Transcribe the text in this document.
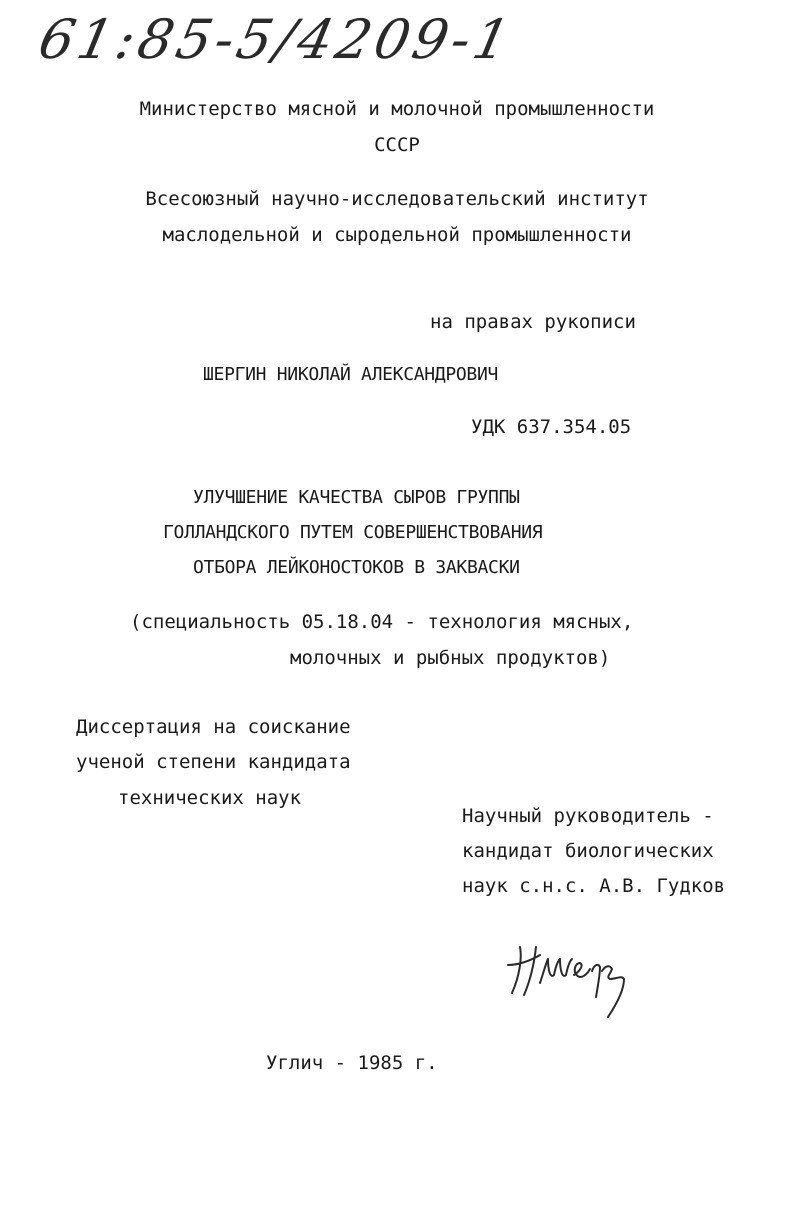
61:85-5/4209-1
Министерство мясной и молочной промышленности
СССР
Всесоюзный научно-исследовательский институт
маслодельной и сыродельной промышленности
на правах рукописи
ШЕРГИН НИКОЛАЙ АЛЕКСАНДРОВИЧ
УДК 637.354.05
УЛУЧШЕНИЕ КАЧЕСТВА СЫРОВ ГРУППЫ
ГОЛЛАНДСКОГО ПУТЕМ СОВЕРШЕНСТВОВАНИЯ
ОТБОРА ЛЕЙКОНОСТОКОВ В ЗАКВАСКИ
(специальность 05.18.04 - технология мясных,
молочных и рыбных продуктов)
Диссертация на соискание
ученой степени кандидата
технических наук
Научный руководитель -
кандидат биологических
наук с.н.с. А.В. Гудков
Углич - 1985 г.
